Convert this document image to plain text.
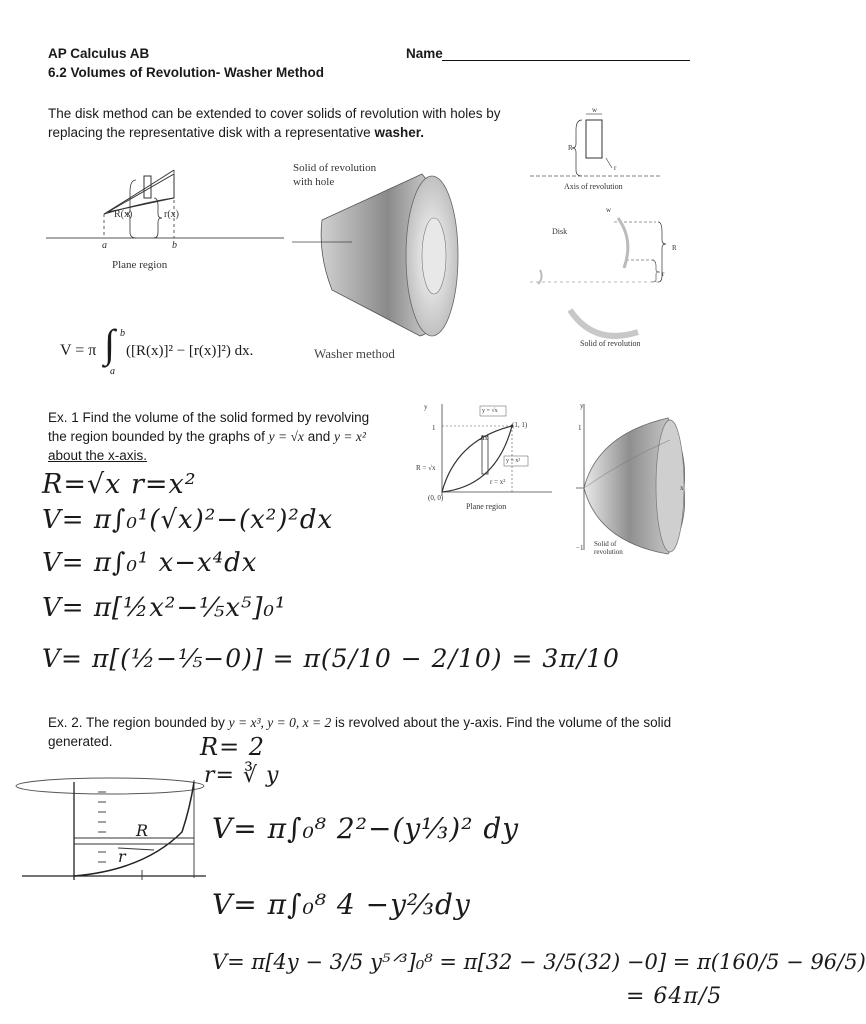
AP Calculus AB
6.2 Volumes of Revolution- Washer Method
Name
The disk method can be extended to cover solids of revolution with holes by
replacing the representative disk with a representative washer.
R(x)	r(x)
a	b
Plane region
Solid of revolution
with hole
w
R
r
Axis of revolution
Disk
w
R
r
Solid of revolution
V = π ∫ b
a
([R(x)]² − [r(x)]²) dx.	Washer method
Ex. 1 Find the volume of the solid formed by revolving
the region bounded by the graphs of y = √x and y = x²
about the x-axis.
y
1	(1, 1)
y = √x
Δx
y = x²
R = √x
r = x²
(0, 0)
Plane region
y
1
−1
x
Solid of
revolution
R=√x r=x²
V= π∫₀¹(√x)²−(x²)²dx
V= π∫₀¹ x−x⁴dx
V= π[½x²−⅕x⁵]₀¹
V= π[(½−⅕−0)] = π(5/10 − 2/10) = 3π/10
Ex. 2. The region bounded by y = x³, y = 0, x = 2 is revolved about the y-axis. Find the volume of the solid
generated.	R= 2
r= ∛ y
R
r
V= π∫₀⁸ 2²−(y⅓)² dy
V= π∫₀⁸ 4 −y⅔dy
V= π[4y − 3/5 y⁵ᐟ³]₀⁸ = π[32 − 3/5(32) −0] = π(160/5 − 96/5)
= 64π/5
